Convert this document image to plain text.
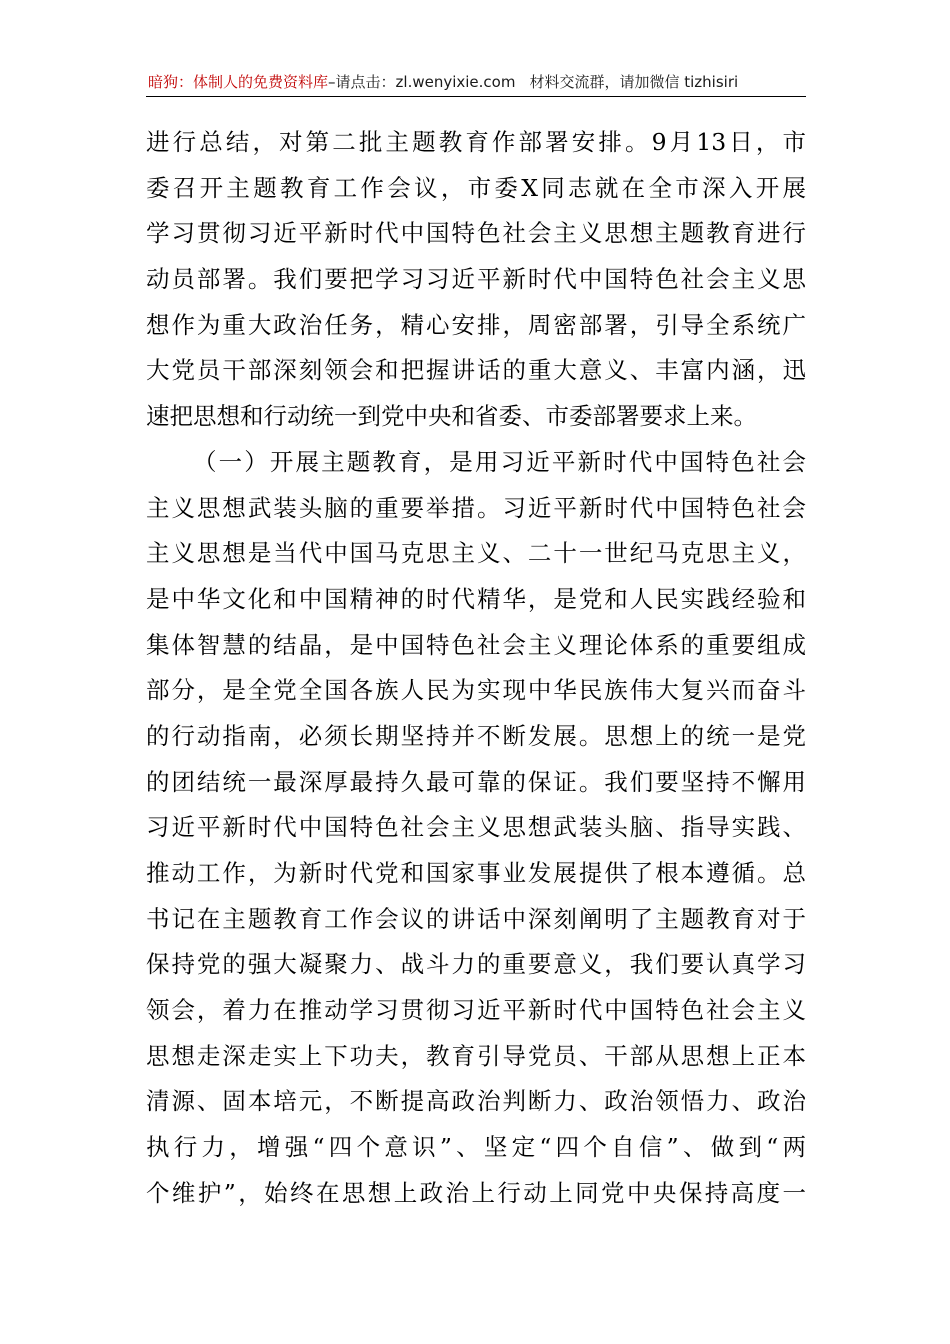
暗狗：体制人的免费资料库–请点击：zl.wenyixie.com 材料交流群，请加微信 tizhisiri
进行总结，对第二批主题教育作部署安排。9月13日，市
委召开主题教育工作会议，市委X同志就在全市深入开展
学习贯彻习近平新时代中国特色社会主义思想主题教育进行
动员部署。我们要把学习习近平新时代中国特色社会主义思
想作为重大政治任务，精心安排，周密部署，引导全系统广
大党员干部深刻领会和把握讲话的重大意义、丰富内涵，迅
速把思想和行动统一到党中央和省委、市委部署要求上来。
（一）开展主题教育，是用习近平新时代中国特色社会
主义思想武装头脑的重要举措。习近平新时代中国特色社会
主义思想是当代中国马克思主义、二十一世纪马克思主义，
是中华文化和中国精神的时代精华，是党和人民实践经验和
集体智慧的结晶，是中国特色社会主义理论体系的重要组成
部分，是全党全国各族人民为实现中华民族伟大复兴而奋斗
的行动指南，必须长期坚持并不断发展。思想上的统一是党
的团结统一最深厚最持久最可靠的保证。我们要坚持不懈用
习近平新时代中国特色社会主义思想武装头脑、指导实践、
推动工作，为新时代党和国家事业发展提供了根本遵循。总
书记在主题教育工作会议的讲话中深刻阐明了主题教育对于
保持党的强大凝聚力、战斗力的重要意义，我们要认真学习
领会，着力在推动学习贯彻习近平新时代中国特色社会主义
思想走深走实上下功夫，教育引导党员、干部从思想上正本
清源、固本培元，不断提高政治判断力、政治领悟力、政治
执行力，增强“四个意识”、坚定“四个自信”、做到“两
个维护”，始终在思想上政治上行动上同党中央保持高度一
